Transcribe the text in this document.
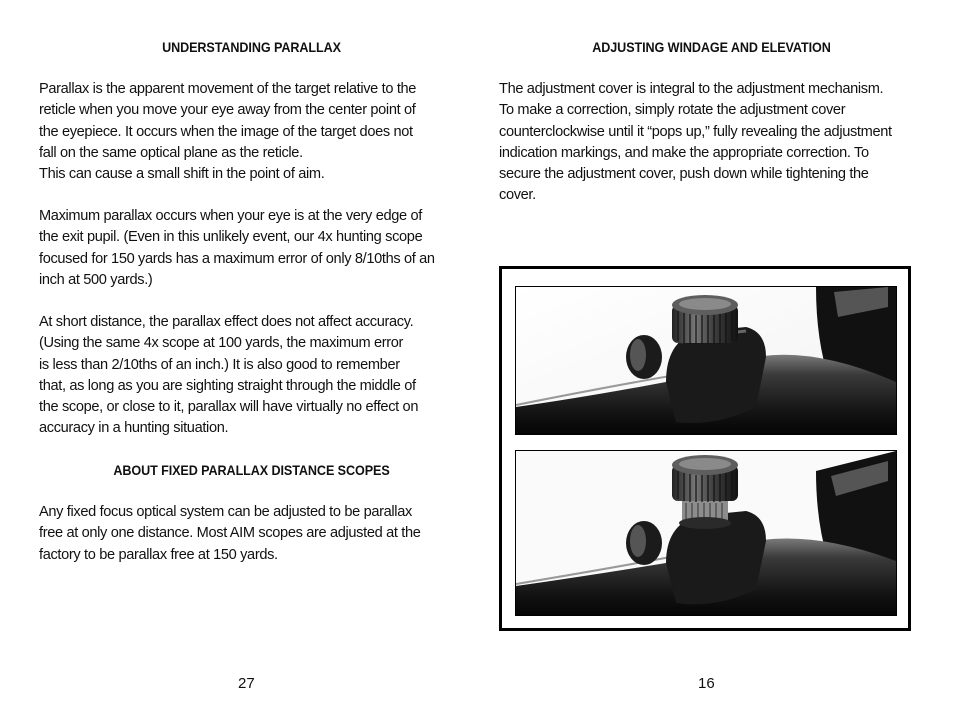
UNDERSTANDING PARALLAX

Parallax is the apparent movement of the target relative to the
reticle when you move your eye away from the center point of
the eyepiece. It occurs when the image of the target does not
fall on the same optical plane as the reticle.
This can cause a small shift in the point of aim.

Maximum parallax occurs when your eye is at the very edge of
the exit pupil. (Even in this unlikely event, our 4x hunting scope
focused for 150 yards has a maximum error of only 8/10ths of an
inch at 500 yards.)

At short distance, the parallax effect does not affect accuracy.
(Using the same 4x scope at 100 yards, the maximum error
is less than 2/10ths of an inch.) It is also good to remember
that, as long as you are sighting straight through the middle of
the scope, or close to it, parallax will have virtually no effect on
accuracy in a hunting situation.

ABOUT FIXED PARALLAX DISTANCE SCOPES

Any fixed focus optical system can be adjusted to be parallax
free at only one distance. Most AIM scopes are adjusted at the
factory to be parallax free at 150 yards.

27
ADJUSTING WINDAGE AND ELEVATION

The adjustment cover is integral to the adjustment mechanism.
To make a correction, simply rotate the adjustment cover
counterclockwise until it “pops up,” fully revealing the adjustment
indication markings, and make the appropriate correction. To
secure the adjustment cover, push down while tightening the
cover.

16
